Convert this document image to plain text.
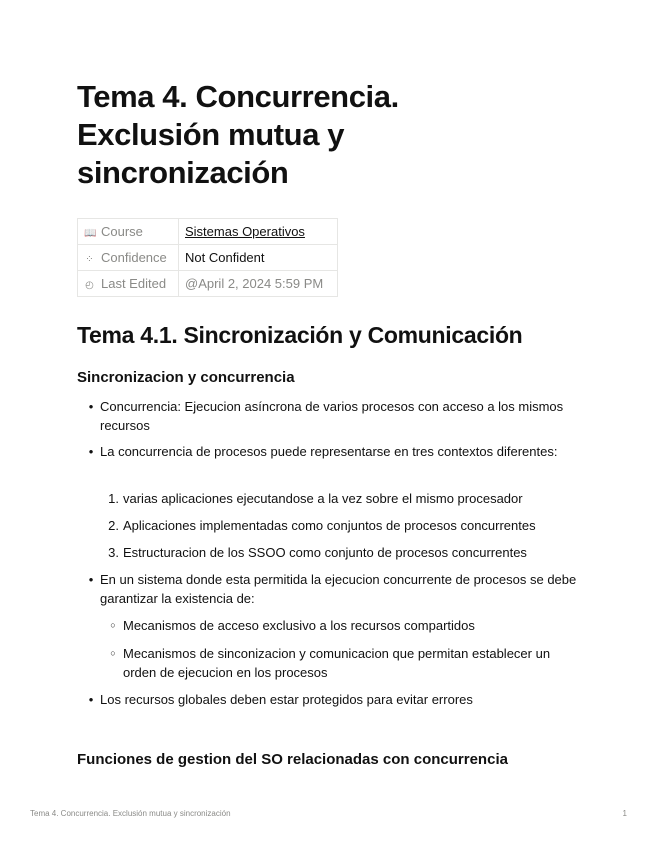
Tema 4. Concurrencia.
Exclusión mutua y
sincronización
📖 Course	Sistemas Operativos
⁘ Confidence	Not Confident
◴ Last Edited	@April 2, 2024 5:59 PM
Tema 4.1. Sincronización y Comunicación
Sincronizacion y concurrencia
• Concurrencia: Ejecucion asíncrona de varios procesos con acceso a los mismos recursos
• La concurrencia de procesos puede representarse en tres contextos diferentes:
1. varias aplicaciones ejecutandose a la vez sobre el mismo procesador
2. Aplicaciones implementadas como conjuntos de procesos concurrentes
3. Estructuracion de los SSOO como conjunto de procesos concurrentes
• En un sistema donde esta permitida la ejecucion concurrente de procesos se debe garantizar la existencia de:
○ Mecanismos de acceso exclusivo a los recursos compartidos
○ Mecanismos de sinconizacion y comunicacion que permitan establecer un orden de ejecucion en los procesos
• Los recursos globales deben estar protegidos para evitar errores
Funciones de gestion del SO relacionadas con concurrencia
Tema 4. Concurrencia. Exclusión mutua y sincronización	1
